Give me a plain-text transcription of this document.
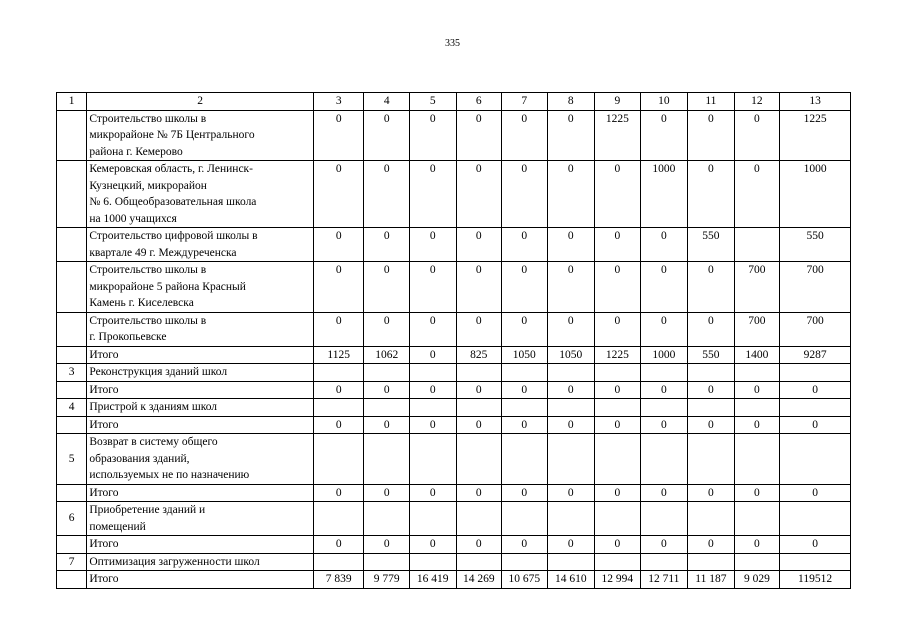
335
1	2	3	4	5	6	7	8	9	10	11	12	13
	Строительство школы в
микрорайоне № 7Б Центрального
района г. Кемерово	0	0	0	0	0	0	1225	0	0	0	1225
	Кемеровская область, г. Ленинск-
Кузнецкий, микрорайон
№ 6. Общеобразовательная школа
на 1000 учащихся	0	0	0	0	0	0	0	1000	0	0	1000
	Строительство цифровой школы в
квартале 49 г. Междуреченска	0	0	0	0	0	0	0	0	550		550
	Строительство школы в
микрорайоне 5 района Красный
Камень г. Киселевска	0	0	0	0	0	0	0	0	0	700	700
	Строительство школы в
г. Прокопьевске	0	0	0	0	0	0	0	0	0	700	700
	Итого	1125	1062	0	825	1050	1050	1225	1000	550	1400	9287
3	Реконструкция зданий школ											
	Итого	0	0	0	0	0	0	0	0	0	0	0
4	Пристрой к зданиям школ											
	Итого	0	0	0	0	0	0	0	0	0	0	0
5	Возврат в систему общего
образования зданий,
используемых не по назначению											
	Итого	0	0	0	0	0	0	0	0	0	0	0
6	Приобретение зданий и
помещений											
	Итого	0	0	0	0	0	0	0	0	0	0	0
7	Оптимизация загруженности школ											
	Итого	7 839	9 779	16 419	14 269	10 675	14 610	12 994	12 711	11 187	9 029	119512
